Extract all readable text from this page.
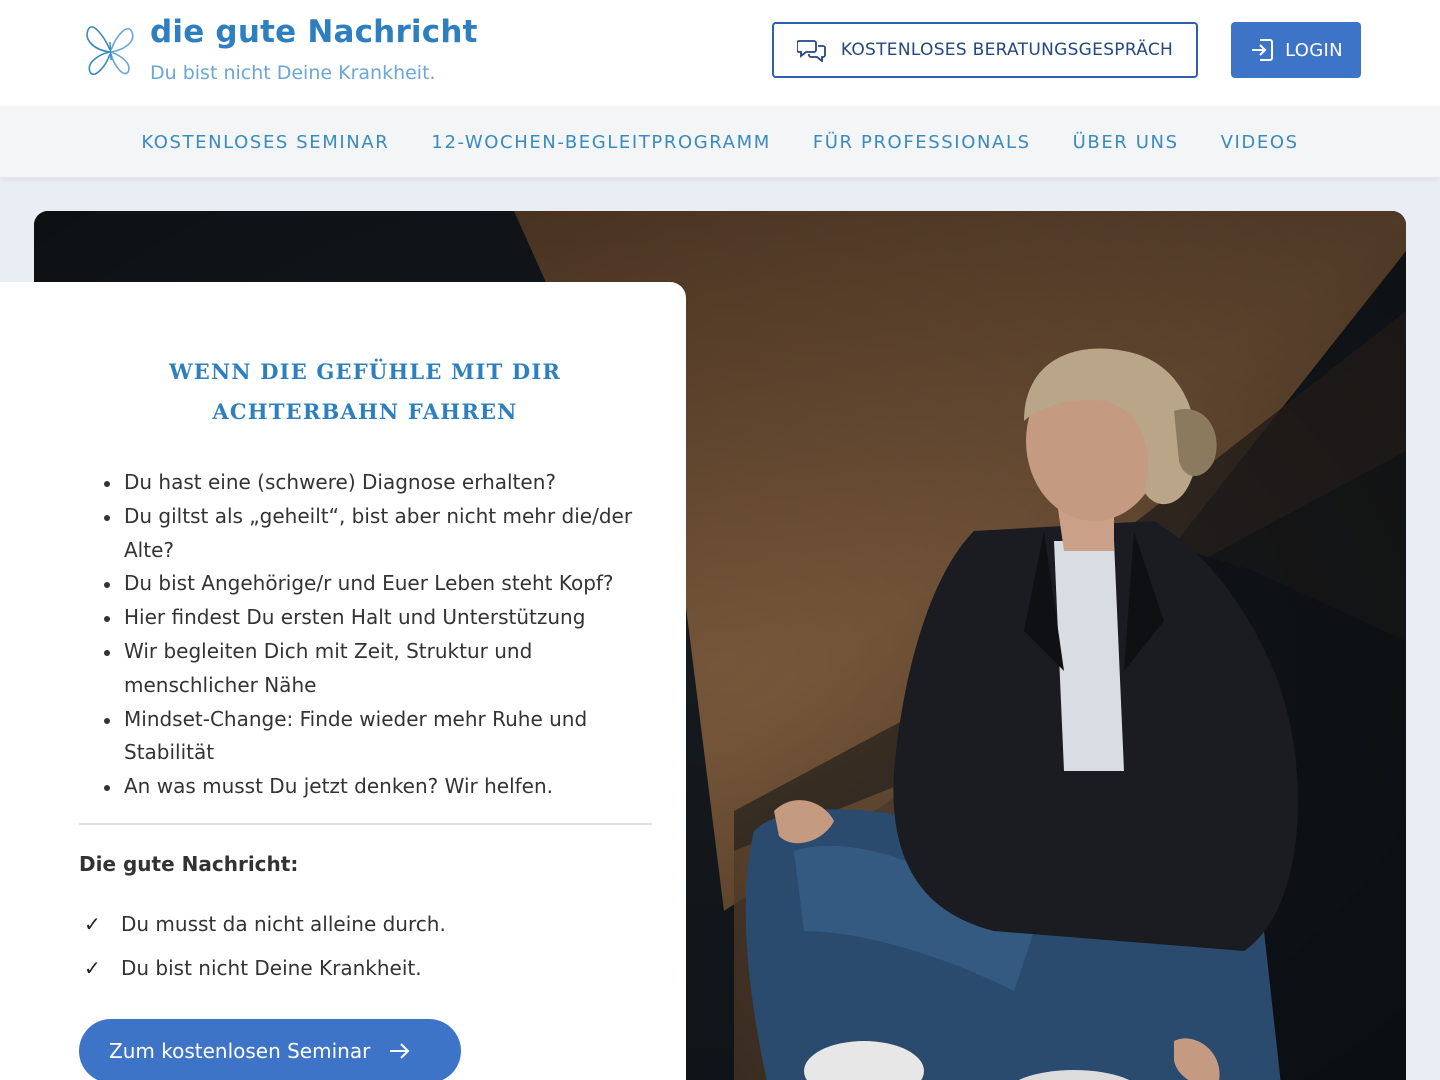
die gute Nachricht
Du bist nicht Deine Krankheit.
KOSTENLOSES BERATUNGSGESPRÄCH	LOGIN
KOSTENLOSES SEMINAR 12-WOCHEN-BEGLEITPROGRAMM FÜR PROFESSIONALS ÜBER UNS VIDEOS
WENN DIE GEFÜHLE MIT DIR ACHTERBAHN FAHREN
Du hast eine (schwere) Diagnose erhalten?
Du giltst als „geheilt“, bist aber nicht mehr die/der Alte?
Du bist Angehörige/r und Euer Leben steht Kopf?
Hier findest Du ersten Halt und Unterstützung
Wir begleiten Dich mit Zeit, Struktur und menschlicher Nähe
Mindset-Change: Finde wieder mehr Ruhe und Stabilität
An was musst Du jetzt denken? Wir helfen.
Die gute Nachricht:
✓	Du musst da nicht alleine durch.
✓	Du bist nicht Deine Krankheit.
Zum kostenlosen Seminar
